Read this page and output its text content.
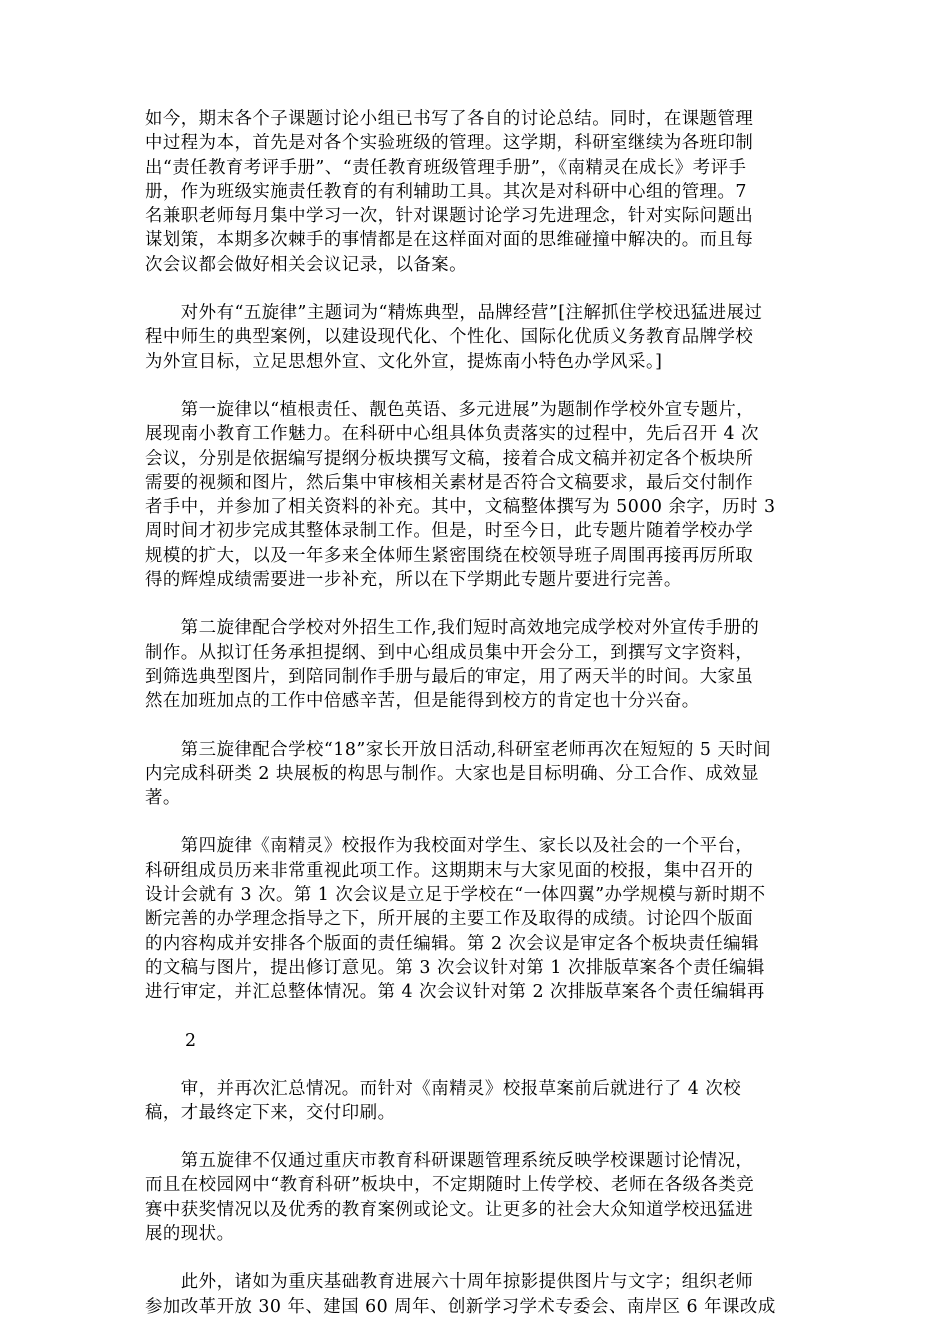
如今，期末各个子课题讨论小组已书写了各自的讨论总结。同时，在课题管理

中过程为本，首先是对各个实验班级的管理。这学期，科研室继续为各班印制

出“责任教育考评手册”、“责任教育班级管理手册”，《南精灵在成长》考评手

册，作为班级实施责任教育的有利辅助工具。其次是对科研中心组的管理。7

名兼职老师每月集中学习一次，针对课题讨论学习先进理念，针对实际问题出

谋划策，本期多次棘手的事情都是在这样面对面的思维碰撞中解决的。而且每

次会议都会做好相关会议记录，以备案。

　　对外有“五旋律”主题词为“精炼典型，品牌经营”[注解抓住学校迅猛进展过

程中师生的典型案例，以建设现代化、个性化、国际化优质义务教育品牌学校

为外宣目标，立足思想外宣、文化外宣，提炼南小特色办学风采。]

　　第一旋律以“植根责任、靓色英语、多元进展”为题制作学校外宣专题片，

展现南小教育工作魅力。在科研中心组具体负责落实的过程中，先后召开 4 次

会议，分别是依据编写提纲分板块撰写文稿，接着合成文稿并初定各个板块所

需要的视频和图片，然后集中审核相关素材是否符合文稿要求，最后交付制作

者手中，并参加了相关资料的补充。其中，文稿整体撰写为 5000 余字，历时 3

周时间才初步完成其整体录制工作。但是，时至今日，此专题片随着学校办学

规模的扩大，以及一年多来全体师生紧密围绕在校领导班子周围再接再厉所取

得的辉煌成绩需要进一步补充，所以在下学期此专题片要进行完善。

　　第二旋律配合学校对外招生工作,我们短时高效地完成学校对外宣传手册的

制作。从拟订任务承担提纲、到中心组成员集中开会分工，到撰写文字资料，

到筛选典型图片，到陪同制作手册与最后的审定，用了两天半的时间。大家虽

然在加班加点的工作中倍感辛苦，但是能得到校方的肯定也十分兴奋。

　　第三旋律配合学校“18”家长开放日活动,科研室老师再次在短短的 5 天时间

内完成科研类 2 块展板的构思与制作。大家也是目标明确、分工合作、成效显

著。

　　第四旋律《南精灵》校报作为我校面对学生、家长以及社会的一个平台，

科研组成员历来非常重视此项工作。这期期末与大家见面的校报，集中召开的

设计会就有 3 次。第 1 次会议是立足于学校在“一体四翼”办学规模与新时期不

断完善的办学理念指导之下，所开展的主要工作及取得的成绩。讨论四个版面

的内容构成并安排各个版面的责任编辑。第 2 次会议是审定各个板块责任编辑

的文稿与图片，提出修订意见。第 3 次会议针对第 1 次排版草案各个责任编辑

进行审定，并汇总整体情况。第 4 次会议针对第 2 次排版草案各个责任编辑再

2

　　审，并再次汇总情况。而针对《南精灵》校报草案前后就进行了 4 次校

稿，才最终定下来，交付印刷。

　　第五旋律不仅通过重庆市教育科研课题管理系统反映学校课题讨论情况，

而且在校园网中“教育科研”板块中，不定期随时上传学校、老师在各级各类竞

赛中获奖情况以及优秀的教育案例或论文。让更多的社会大众知道学校迅猛进

展的现状。

　　此外，诸如为重庆基础教育进展六十周年掠影提供图片与文字；组织老师

参加改革开放 30 年、建国 60 周年、创新学习学术专委会、南岸区 6 年课改成
